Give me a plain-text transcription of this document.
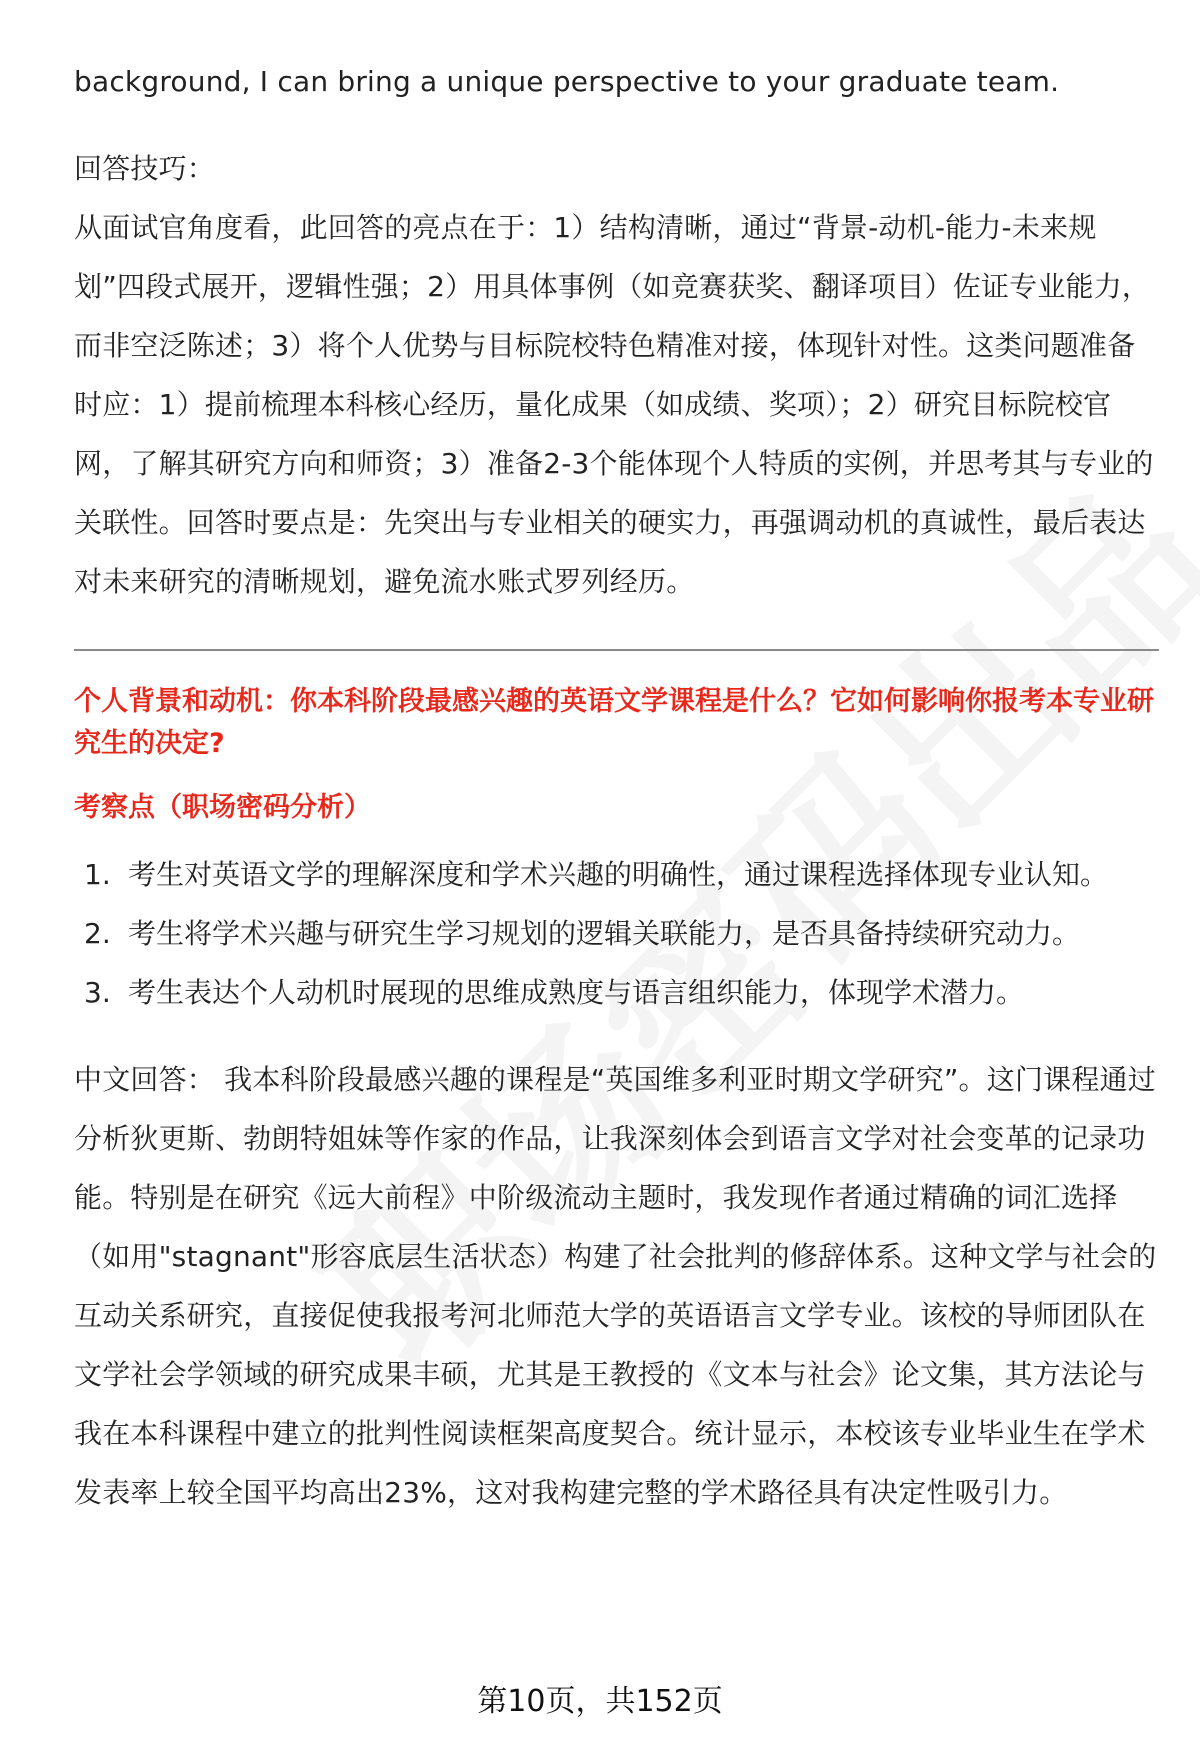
background, I can bring a unique perspective to your graduate team.

回答技巧：

从面试官角度看，此回答的亮点在于：1）结构清晰，通过“背景-动机-能力-未来规划”四段式展开，逻辑性强；2）用具体事例（如竞赛获奖、翻译项目）佐证专业能力，而非空泛陈述；3）将个人优势与目标院校特色精准对接，体现针对性。这类问题准备时应：1）提前梳理本科核心经历，量化成果（如成绩、奖项）；2）研究目标院校官网，了解其研究方向和师资；3）准备2-3个能体现个人特质的实例，并思考其与专业的关联性。回答时要点是：先突出与专业相关的硬实力，再强调动机的真诚性，最后表达对未来研究的清晰规划，避免流水账式罗列经历。

个人背景和动机：你本科阶段最感兴趣的英语文学课程是什么？它如何影响你报考本专业研究生的决定?

考察点（职场密码分析）

1. 考生对英语文学的理解深度和学术兴趣的明确性，通过课程选择体现专业认知。
2. 考生将学术兴趣与研究生学习规划的逻辑关联能力，是否具备持续研究动力。
3. 考生表达个人动机时展现的思维成熟度与语言组织能力，体现学术潜力。

中文回答： 我本科阶段最感兴趣的课程是“英国维多利亚时期文学研究”。这门课程通过分析狄更斯、勃朗特姐妹等作家的作品，让我深刻体会到语言文学对社会变革的记录功能。特别是在研究《远大前程》中阶级流动主题时，我发现作者通过精确的词汇选择（如用"stagnant"形容底层生活状态）构建了社会批判的修辞体系。这种文学与社会的互动关系研究，直接促使我报考河北师范大学的英语语言文学专业。该校的导师团队在文学社会学领域的研究成果丰硕，尤其是王教授的《文本与社会》论文集，其方法论与我在本科课程中建立的批判性阅读框架高度契合。统计显示，本校该专业毕业生在学术发表率上较全国平均高出23%，这对我构建完整的学术路径具有决定性吸引力。

第10页，共152页
